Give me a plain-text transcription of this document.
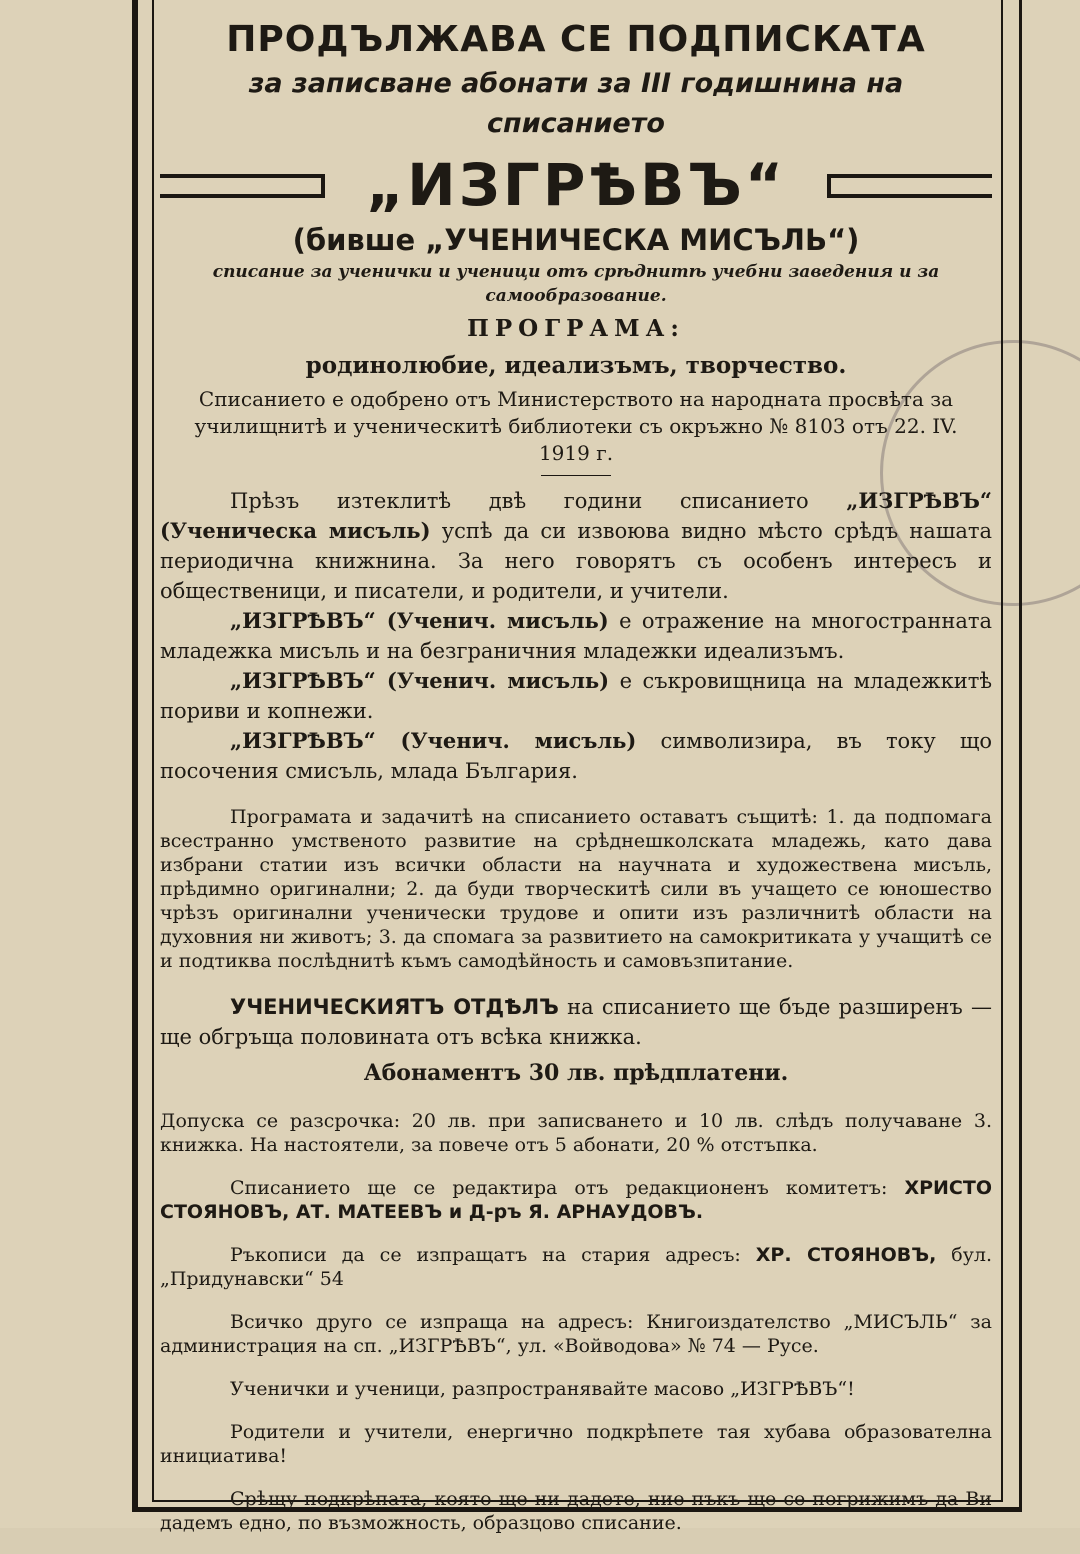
ПРОДЪЛЖАВА СЕ ПОДПИСКАТА
за записване абонати за III годишнина на списанието
„ИЗГРѢВЪ“
(бивше „УЧЕНИЧЕСКА МИСЪЛЬ“)
списание за ученички и ученици отъ срѣднитѣ учебни заведения и за самообразование.
ПРОГРАМА:
родинолюбие, идеализъмъ, творчество.
Списанието е одобрено отъ Министерството на народната просвѣта за училищнитѣ и ученическитѣ библиотеки съ окръжно № 8103 отъ 22. IV. 1919 г.

Прѣзъ изтеклитѣ двѣ години списанието „ИЗГРѢВЪ“ (Ученическа мисъль) успѣ да си извоюва видно мѣсто срѣдъ нашата периодична книжнина. За него говорятъ съ особенъ интересъ и общественици, и писатели, и родители, и учители.

„ИЗГРѢВЪ“ (Ученич. мисъль) е отражение на многостранната младежка мисъль и на безграничния младежки идеализъмъ.

„ИЗГРѢВЪ“ (Ученич. мисъль) е съкровищница на младежкитѣ пориви и копнежи.

„ИЗГРѢВЪ“ (Ученич. мисъль) символизира, въ току що посочения смисъль, млада България.

Програмата и задачитѣ на списанието оставатъ същитѣ: 1. да подпомага всестранно умственото развитие на срѣднешколската младежь, като дава избрани статии изъ всички области на научната и художествена мисъль, прѣдимно оригинални; 2. да буди творческитѣ сили въ учащето се юношество чрѣзъ оригинални ученически трудове и опити изъ различнитѣ области на духовния ни животъ; 3. да спомага за развитието на самокритиката у учащитѣ се и подтиква послѣднитѣ къмъ самодѣйность и самовъзпитание.

УЧЕНИЧЕСКИЯТЪ ОТДѢЛЪ на списанието ще бъде разширенъ — ще обгръща половината отъ всѣка книжка.

Абонаментъ 30 лв. прѣдплатени.

Допуска се разсрочка: 20 лв. при записването и 10 лв. слѣдъ получаване 3. книжка. На настоятели, за повече отъ 5 абонати, 20 % отстъпка.

Списанието ще се редактира отъ редакционенъ комитетъ: ХРИСТО СТОЯНОВЪ, АТ. МАТЕЕВЪ и Д-ръ Я. АРНАУДОВЪ.

Ръкописи да се изпращатъ на стария адресъ: ХР. СТОЯНОВЪ, бул. „Придунавски“ 54

Всичко друго се изпраща на адресъ: Книгоиздателство „МИСЪЛЬ“ за администрация на сп. „ИЗГРѢВЪ“, ул. «Войводова» № 74 — Русе.

Ученички и ученици, разпространявайте масово „ИЗГРѢВЪ“!

Родители и учители, енергично подкрѣпете тая хубава образователна инициатива!

Срѣщу подкрѣпата, която ще ни дадете, ние пъкъ ще се погрижимъ да Ви дадемъ едно, по възможность, образцово списание.
